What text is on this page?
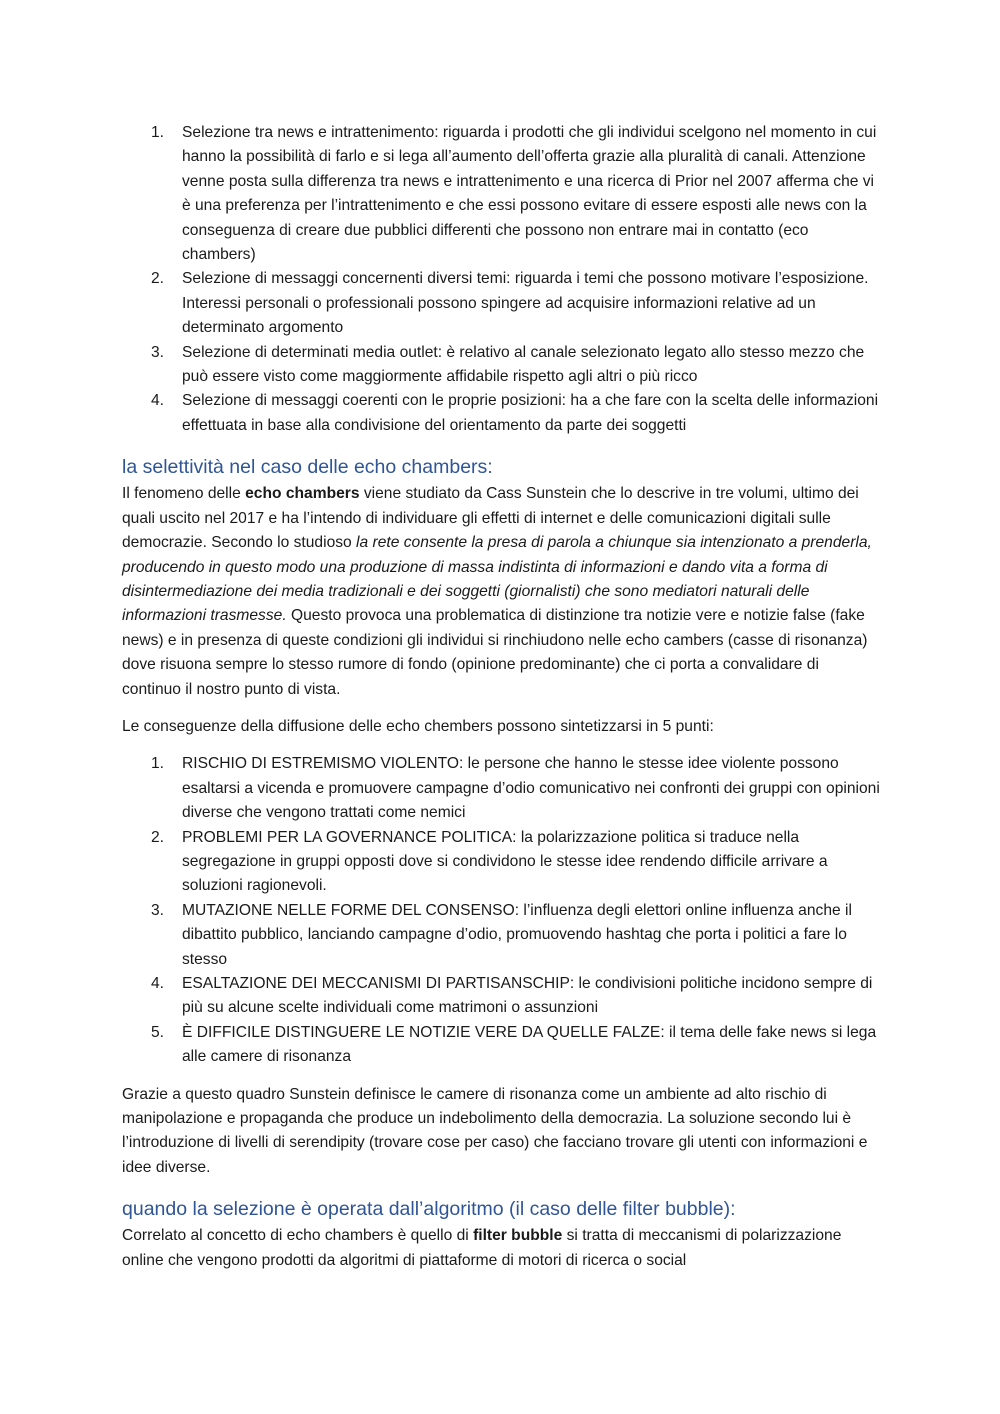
1. Selezione tra news e intrattenimento: riguarda i prodotti che gli individui scelgono nel momento in cui hanno la possibilità di farlo e si lega all’aumento dell’offerta grazie alla pluralità di canali. Attenzione venne posta sulla differenza tra news e intrattenimento e una ricerca di Prior nel 2007 afferma che vi è una preferenza per l’intrattenimento e che essi possono evitare di essere esposti alle news con la conseguenza di creare due pubblici differenti che possono non entrare mai in contatto (eco chambers)
2. Selezione di messaggi concernenti diversi temi: riguarda i temi che possono motivare l’esposizione. Interessi personali o professionali possono spingere ad acquisire informazioni relative ad un determinato argomento
3. Selezione di determinati media outlet: è relativo al canale selezionato legato allo stesso mezzo che può essere visto come maggiormente affidabile rispetto agli altri o più ricco
4. Selezione di messaggi coerenti con le proprie posizioni: ha a che fare con la scelta delle informazioni effettuata in base alla condivisione del orientamento da parte dei soggetti
la selettività nel caso delle echo chambers:

Il fenomeno delle echo chambers viene studiato da Cass Sunstein che lo descrive in tre volumi, ultimo dei quali uscito nel 2017 e ha l’intendo di individuare gli effetti di internet e delle comunicazioni digitali sulle democrazie. Secondo lo studioso la rete consente la presa di parola a chiunque sia intenzionato a prenderla, producendo in questo modo una produzione di massa indistinta di informazioni e dando vita a forma di disintermediazione dei media tradizionali e dei soggetti (giornalisti) che sono mediatori naturali delle informazioni trasmesse. Questo provoca una problematica di distinzione tra notizie vere e notizie false (fake news) e in presenza di queste condizioni gli individui si rinchiudono nelle echo cambers (casse di risonanza) dove risuona sempre lo stesso rumore di fondo (opinione predominante) che ci porta a convalidare di continuo il nostro punto di vista.

Le conseguenze della diffusione delle echo chembers possono sintetizzarsi in 5 punti:

1. RISCHIO DI ESTREMISMO VIOLENTO: le persone che hanno le stesse idee violente possono esaltarsi a vicenda e promuovere campagne d’odio comunicativo nei confronti dei gruppi con opinioni diverse che vengono trattati come nemici
2. PROBLEMI PER LA GOVERNANCE POLITICA: la polarizzazione politica si traduce nella segregazione in gruppi opposti dove si condividono le stesse idee rendendo difficile arrivare a soluzioni ragionevoli.
3. MUTAZIONE NELLE FORME DEL CONSENSO: l’influenza degli elettori online influenza anche il dibattito pubblico, lanciando campagne d’odio, promuovendo hashtag che porta i politici a fare lo stesso
4. ESALTAZIONE DEI MECCANISMI DI PARTISANSCHIP: le condivisioni politiche incidono sempre di più su alcune scelte individuali come matrimoni o assunzioni
5. È DIFFICILE DISTINGUERE LE NOTIZIE VERE DA QUELLE FALZE: il tema delle fake news si lega alle camere di risonanza

Grazie a questo quadro Sunstein definisce le camere di risonanza come un ambiente ad alto rischio di manipolazione e propaganda che produce un indebolimento della democrazia. La soluzione secondo lui è l’introduzione di livelli di serendipity (trovare cose per caso) che facciano trovare gli utenti con informazioni e idee diverse.

quando la selezione è operata dall’algoritmo (il caso delle filter bubble):

Correlato al concetto di echo chambers è quello di filter bubble si tratta di meccanismi di polarizzazione online che vengono prodotti da algoritmi di piattaforme di motori di ricerca o social
